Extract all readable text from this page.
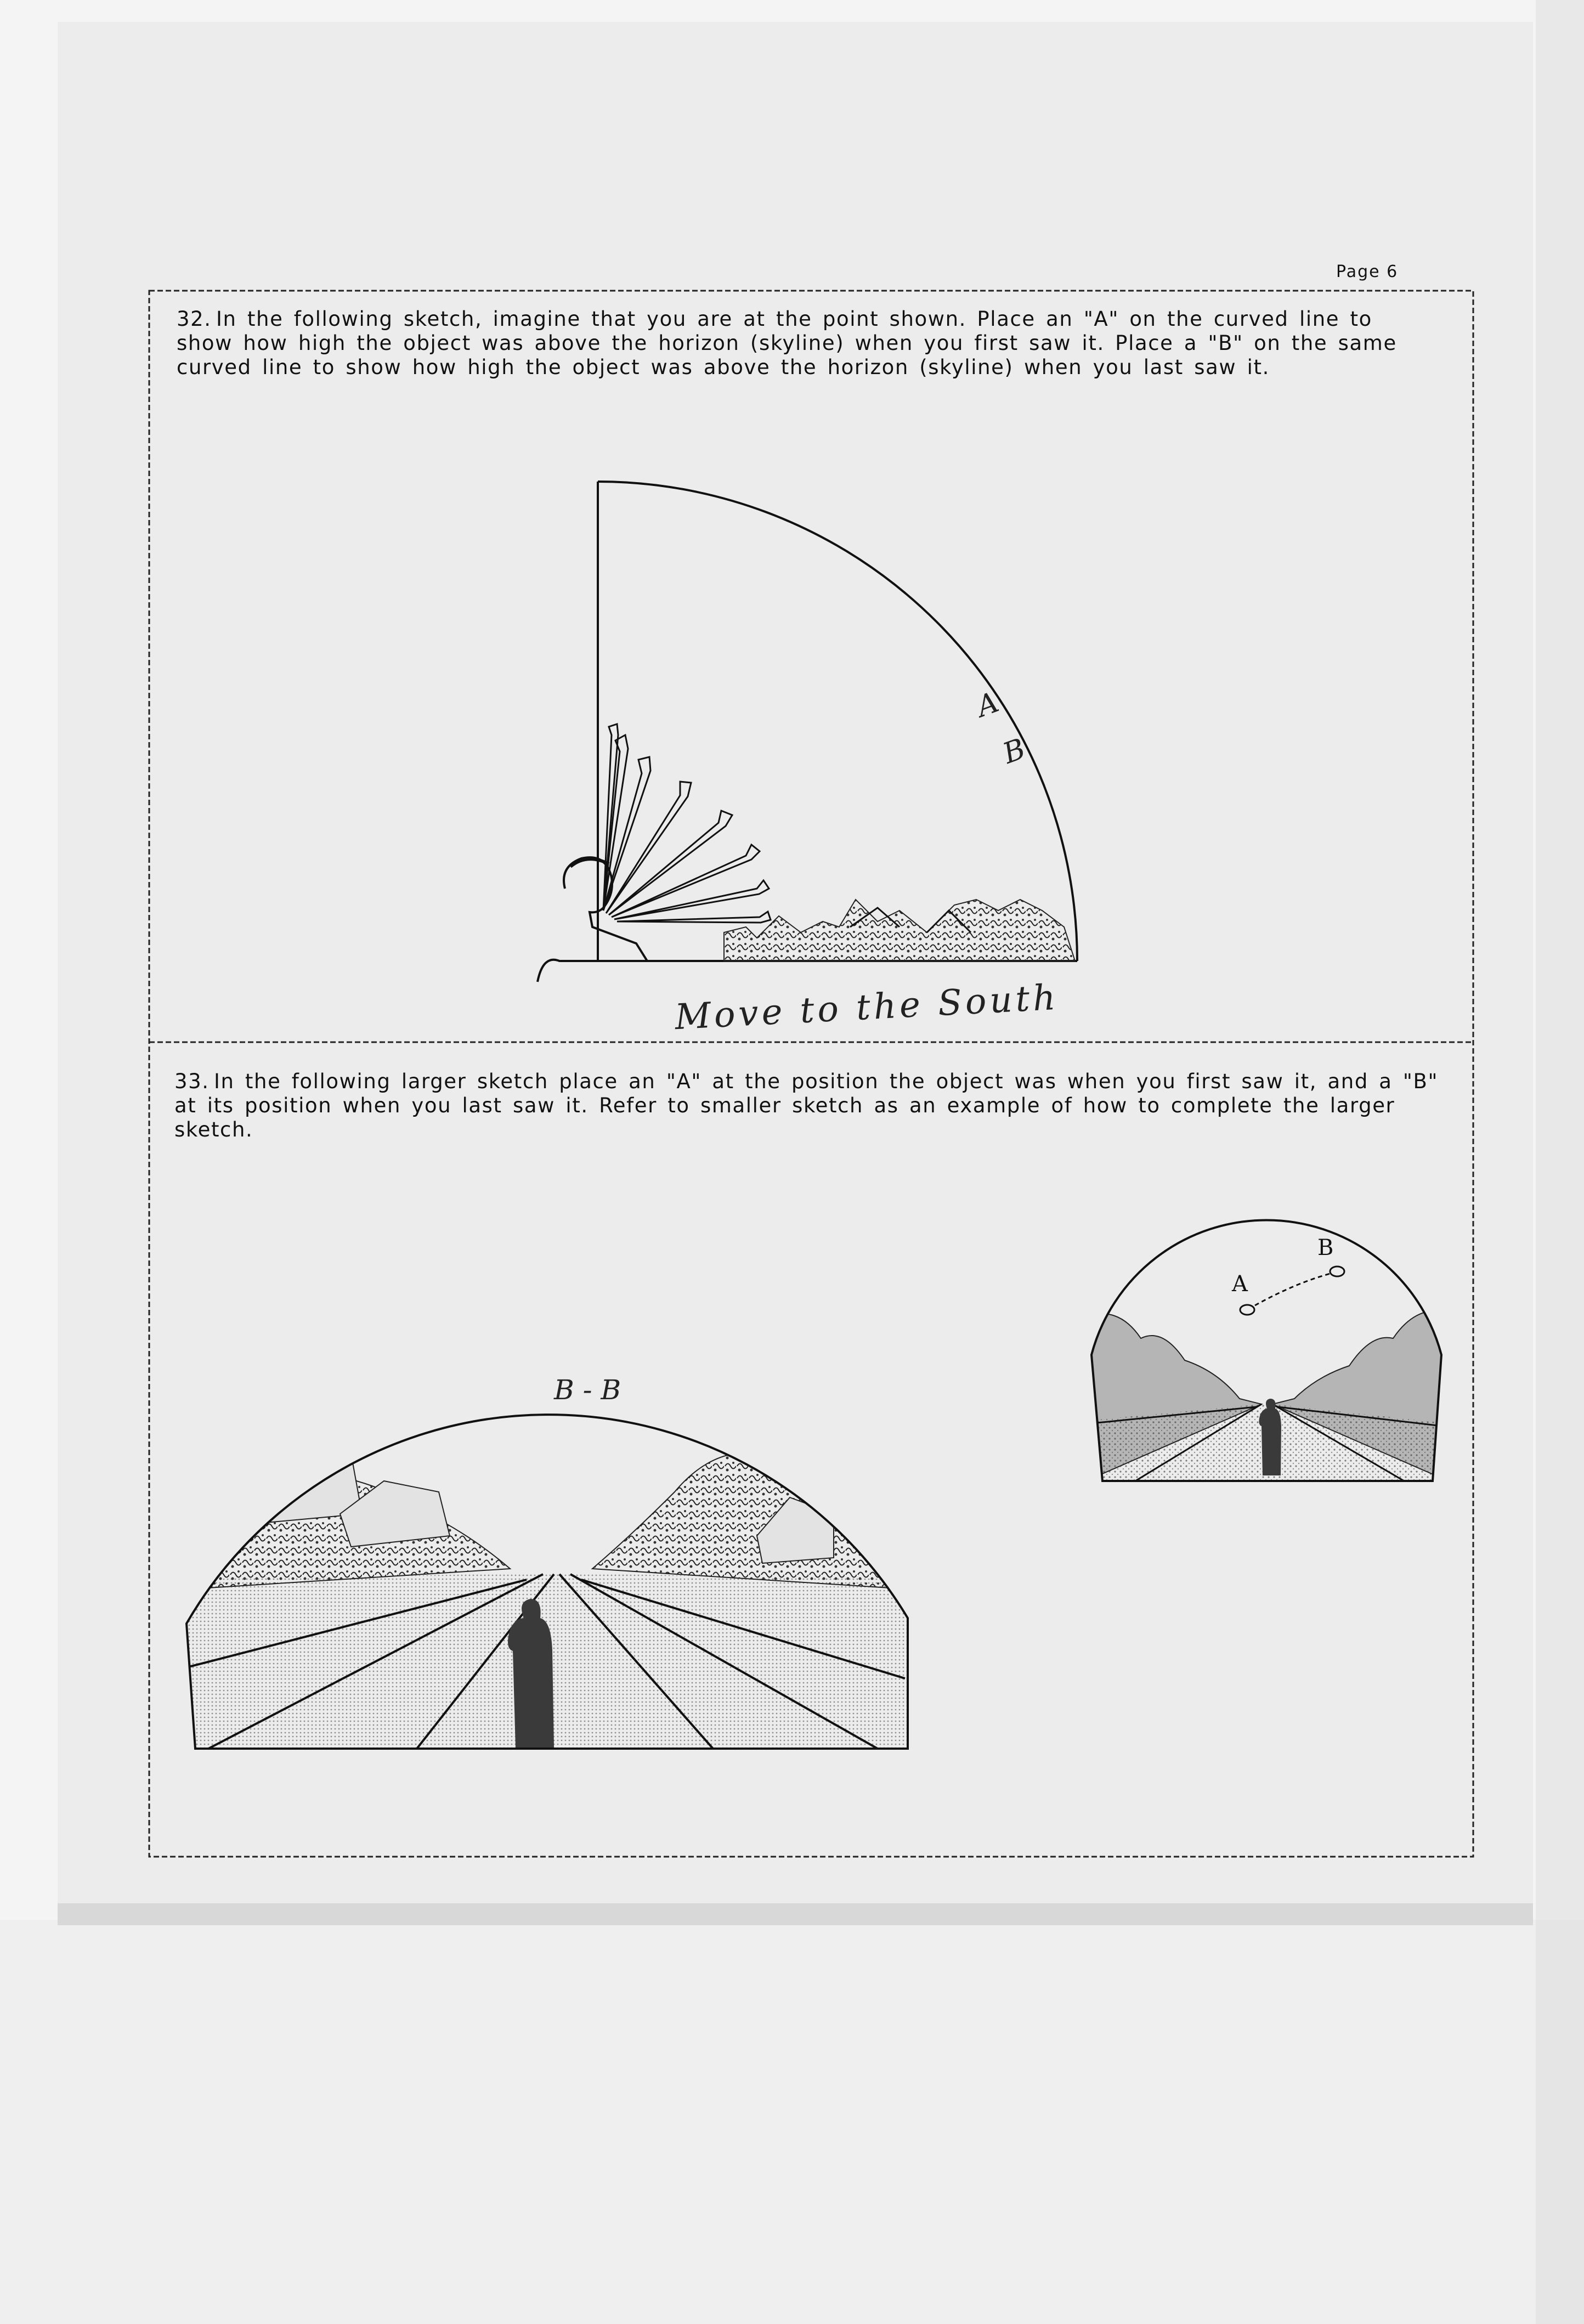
Page 6

32. In the following sketch, imagine that you are at the point shown. Place an "A" on the curved line to show how high the object was above the horizon (skyline) when you first saw it. Place a "B" on the same curved line to show how high the object was above the horizon (skyline) when you last saw it.

33. In the following larger sketch place an "A" at the position the object was when you first saw it, and a "B" at its position when you last saw it. Refer to smaller sketch as an example of how to complete the larger sketch.

A
B
Move to the South
B - B
A
B
